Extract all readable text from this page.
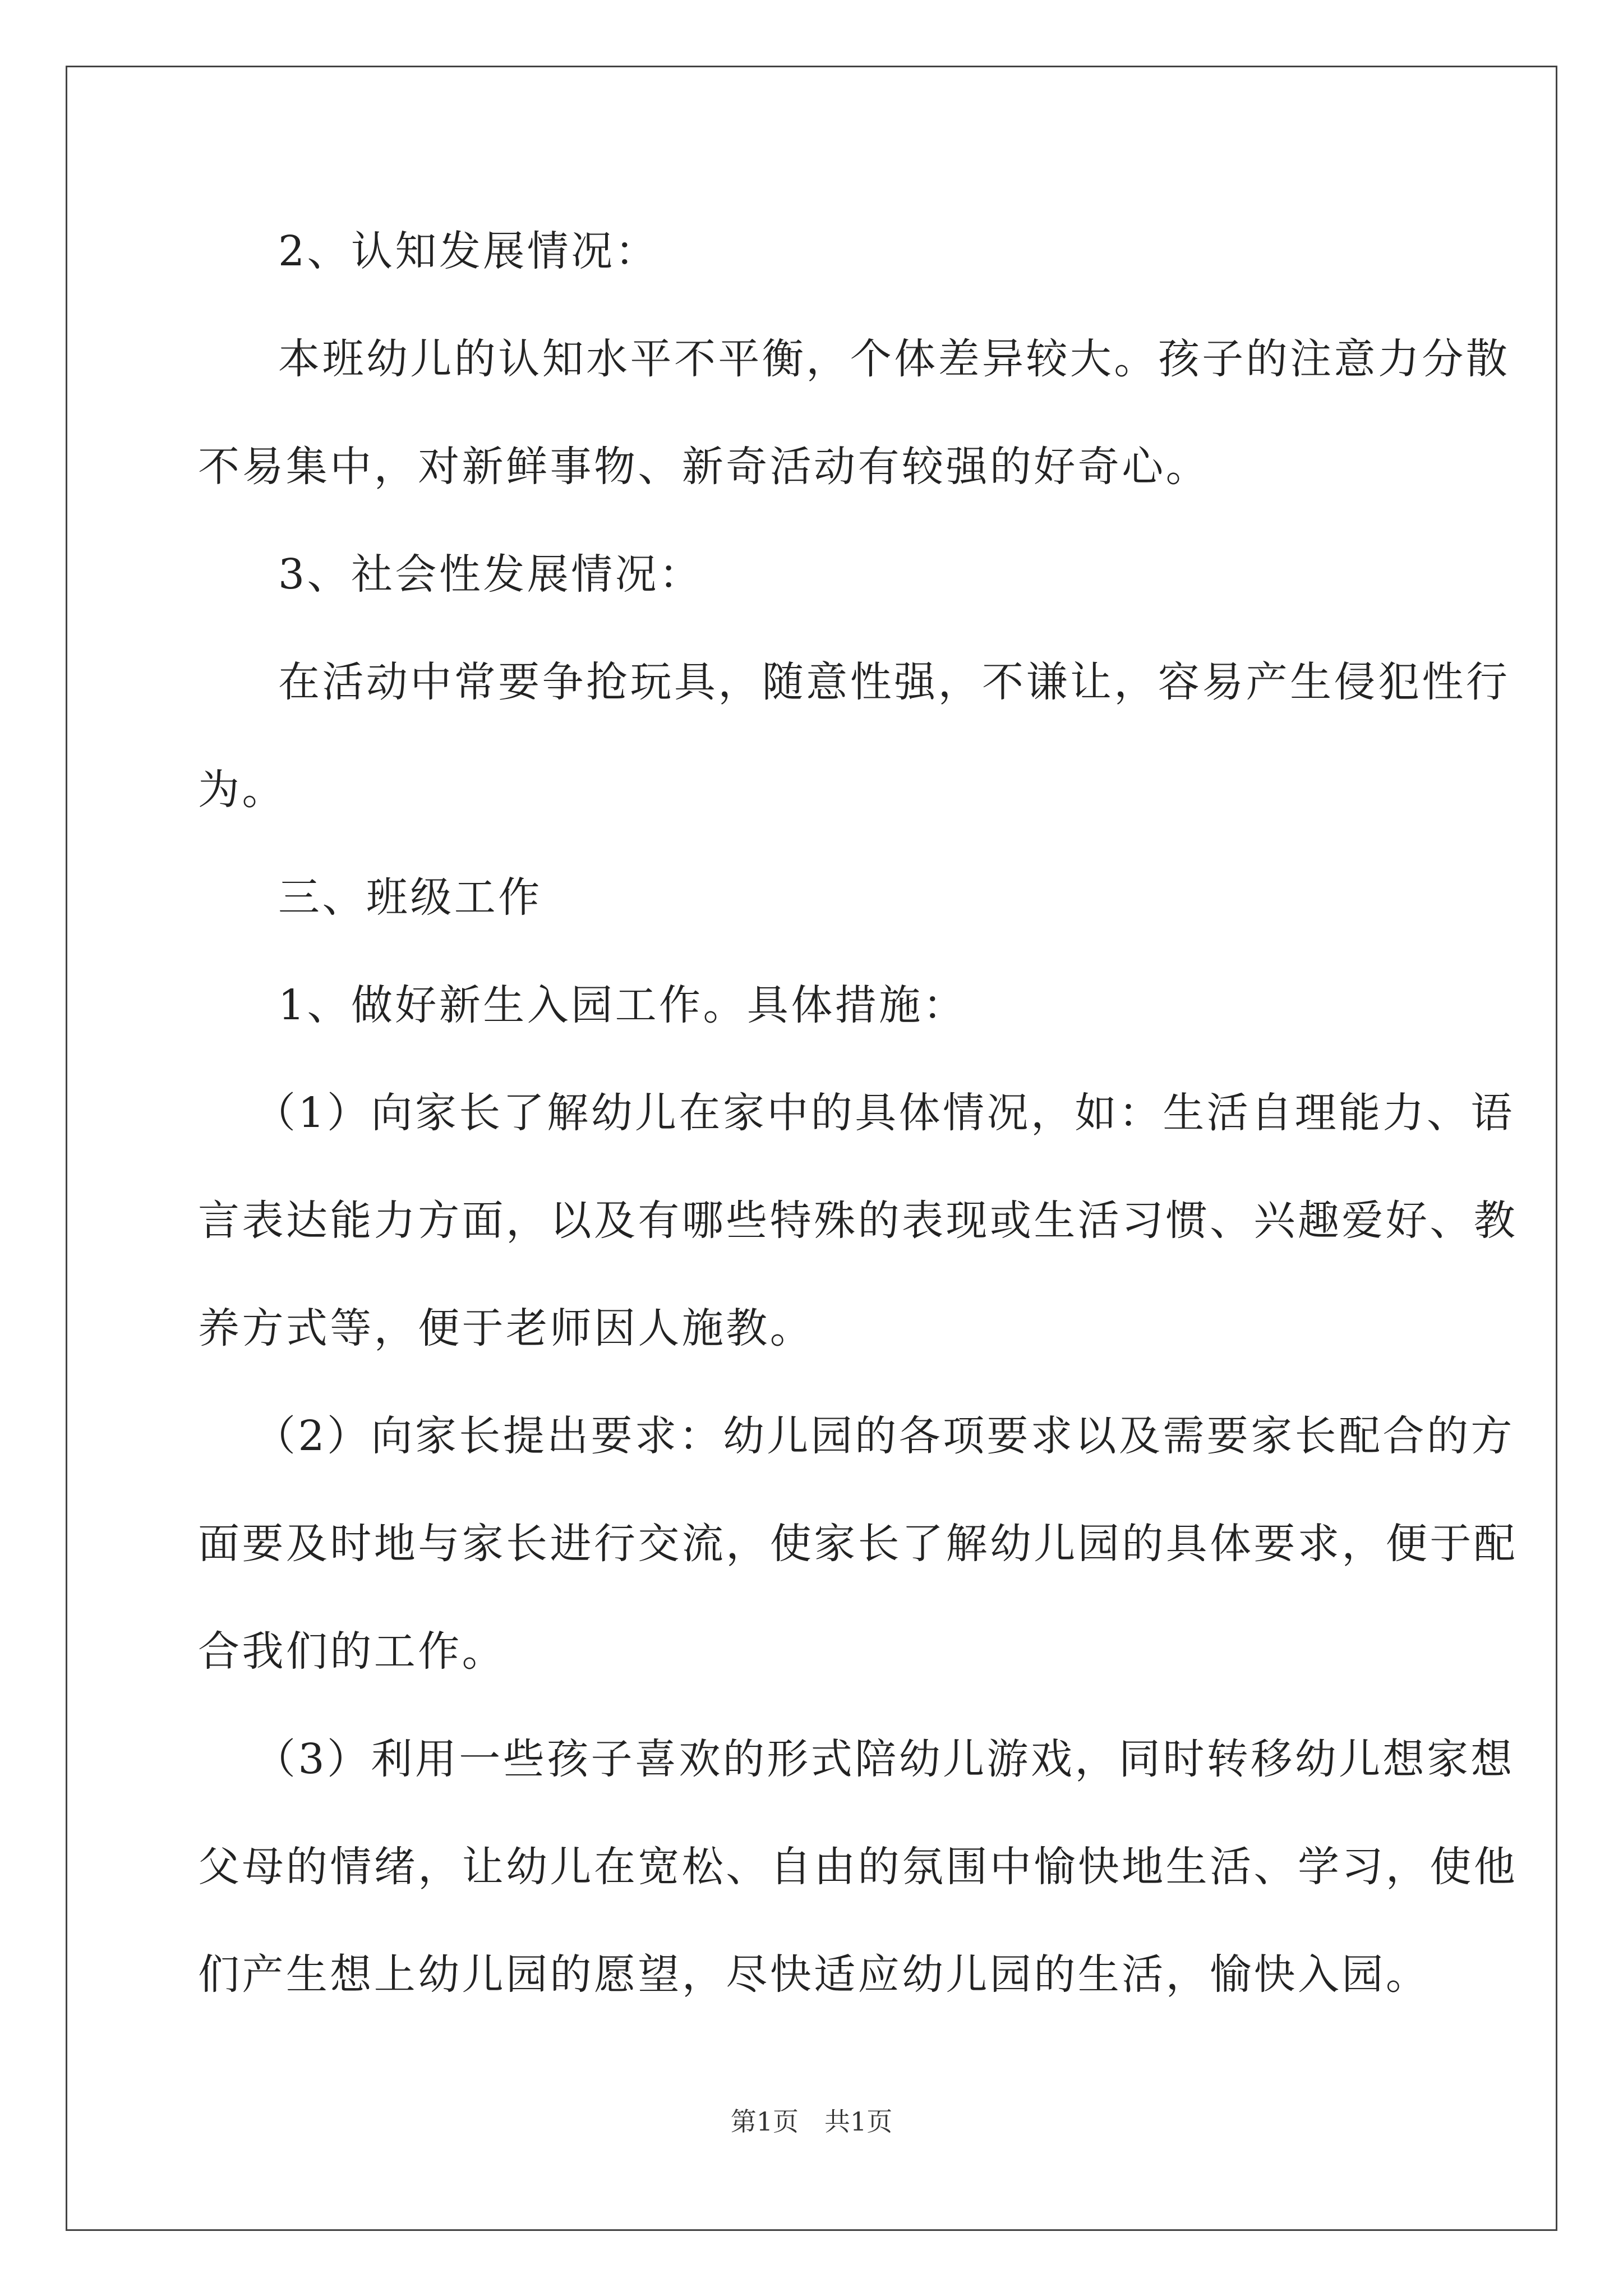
2、认知发展情况：
本班幼儿的认知水平不平衡，个体差异较大。孩子的注意力分散
不易集中，对新鲜事物、新奇活动有较强的好奇心。
3、社会性发展情况：
在活动中常要争抢玩具，随意性强，不谦让，容易产生侵犯性行
为。
三、班级工作
1、做好新生入园工作。具体措施：
（1）向家长了解幼儿在家中的具体情况，如：生活自理能力、语
言表达能力方面，以及有哪些特殊的表现或生活习惯、兴趣爱好、教
养方式等，便于老师因人施教。
（2）向家长提出要求：幼儿园的各项要求以及需要家长配合的方
面要及时地与家长进行交流，使家长了解幼儿园的具体要求，便于配
合我们的工作。
（3）利用一些孩子喜欢的形式陪幼儿游戏，同时转移幼儿想家想
父母的情绪，让幼儿在宽松、自由的氛围中愉快地生活、学习，使他
们产生想上幼儿园的愿望，尽快适应幼儿园的生活，愉快入园。
第1页　共1页
